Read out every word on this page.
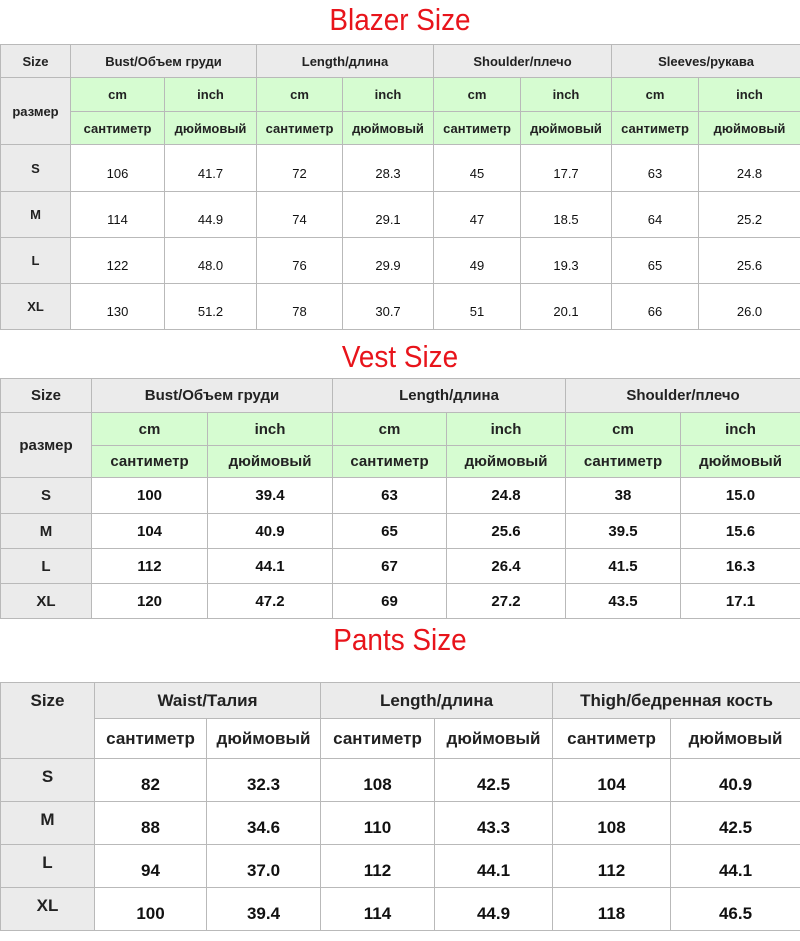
Blazer Size
Size	Bust/Объем груди		Length/длина		Shoulder/плечо		Sleeves/рукава	
размер	cm	inch	cm	inch	cm	inch	cm	inch
	сантиметр	дюймовый	сантиметр	дюймовый	сантиметр	дюймовый	сантиметр	дюймовый
S	106	41.7	72	28.3	45	17.7	63	24.8
M	114	44.9	74	29.1	47	18.5	64	25.2
L	122	48.0	76	29.9	49	19.3	65	25.6
XL	130	51.2	78	30.7	51	20.1	66	26.0
Vest Size
Size	Bust/Объем груди		Length/длина		Shoulder/плечо	
размер	cm	inch	cm	inch	cm	inch
	сантиметр	дюймовый	сантиметр	дюймовый	сантиметр	дюймовый
S	100	39.4	63	24.8	38	15.0
M	104	40.9	65	25.6	39.5	15.6
L	112	44.1	67	26.4	41.5	16.3
XL	120	47.2	69	27.2	43.5	17.1
Pants Size
Size	Waist/Талия		Length/длина		Thigh/бедренная кость	
	сантиметр	дюймовый	сантиметр	дюймовый	сантиметр	дюймовый
S	82	32.3	108	42.5	104	40.9
M	88	34.6	110	43.3	108	42.5
L	94	37.0	112	44.1	112	44.1
XL	100	39.4	114	44.9	118	46.5
